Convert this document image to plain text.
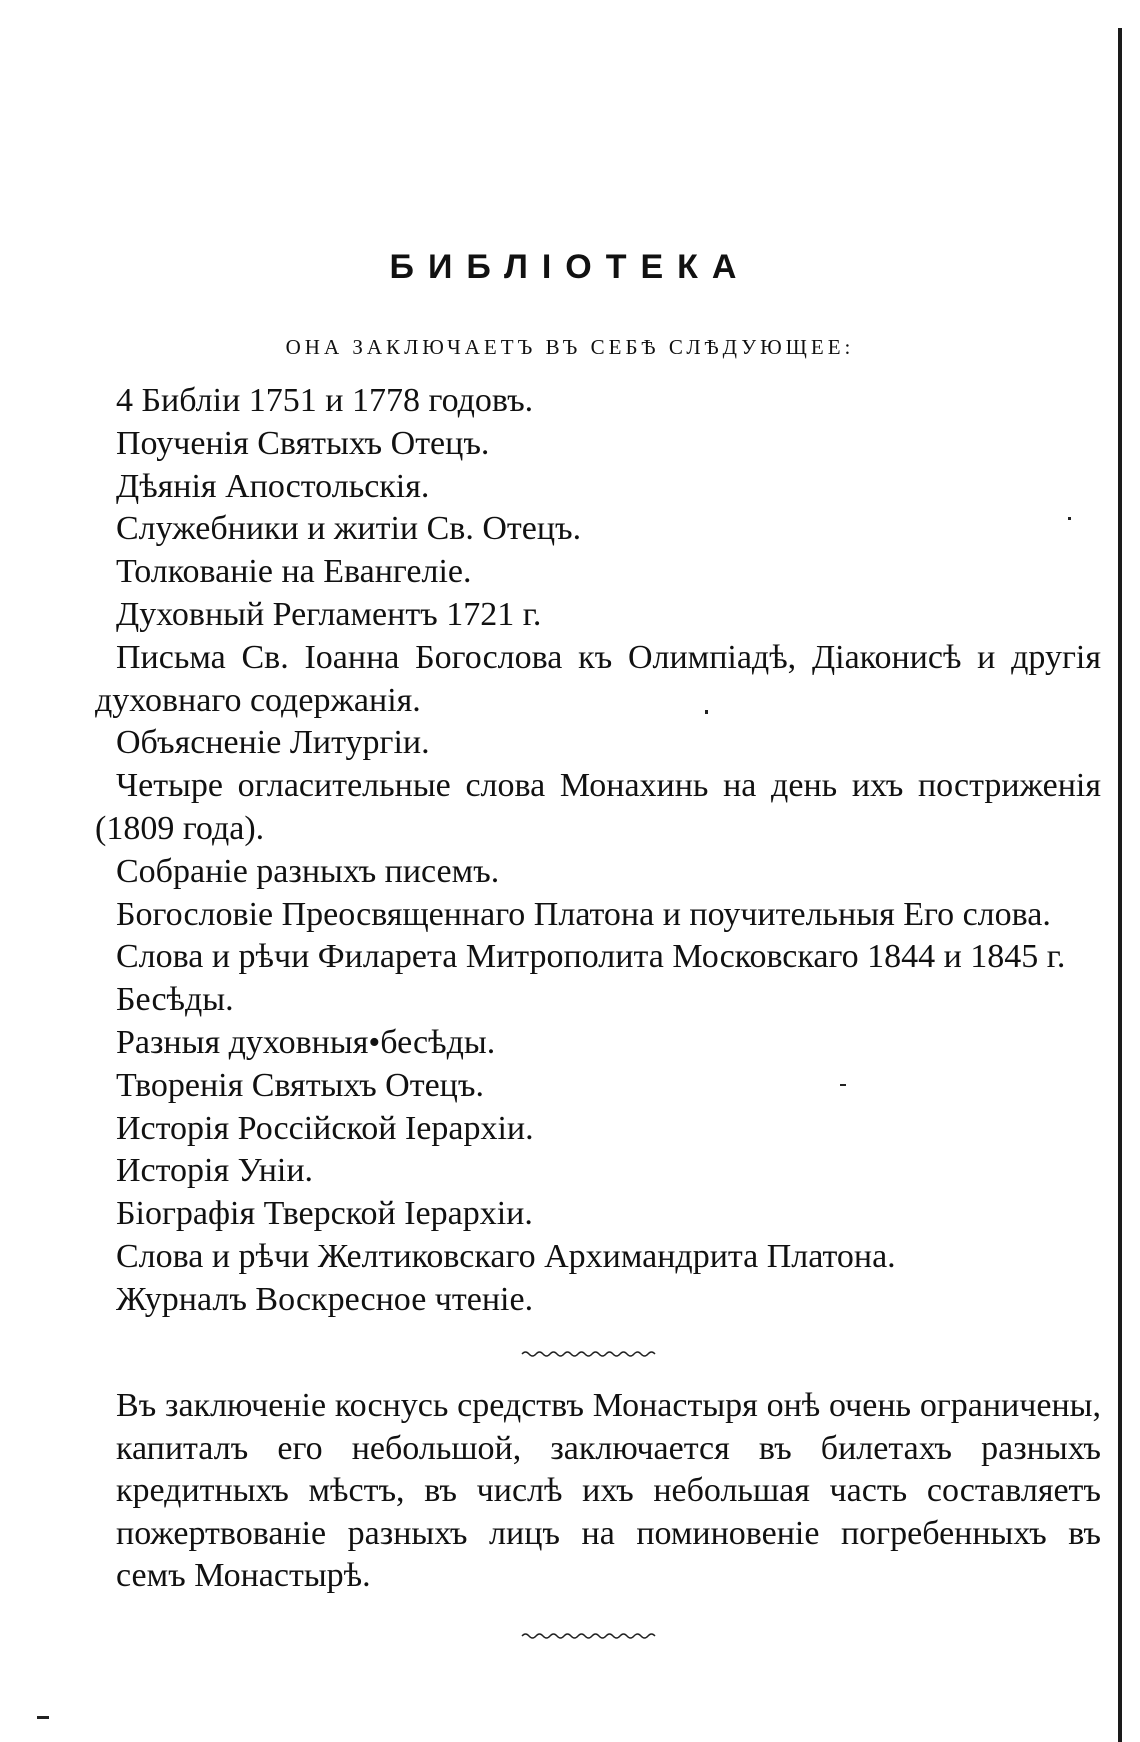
БИБЛIОТЕКА
ОНА ЗАКЛЮЧАЕТЪ ВЪ СЕБѢ СЛѢДУЮЩЕЕ:
4 Библiи 1751 и 1778 годовъ.
Поученiя Святыхъ Отецъ.
Дѣянiя Апостольскiя.
Служебники и житiи Св. Отецъ.
Толкованiе на Евангелiе.
Духовный Регламентъ 1721 г.
Письма Св. Iоанна Богослова къ Олимпiадѣ, Дiаконисѣ и другiя духовнаго содержанiя.
Объясненiе Литургiи.
Четыре огласительные слова Монахинь на день ихъ постриженiя (1809 года).
Собранiе разныхъ писемъ.
Богословiе Преосвященнаго Платона и поучительныя Его слова.
Слова и рѣчи Филарета Митрополита Московскаго 1844 и 1845 г.
Бесѣды.
Разныя духовныя•бесѣды.
Творенiя Святыхъ Отецъ.
Исторiя Россiйской Iерархiи.
Исторiя Унiи.
Бiографiя Тверской Iерархiи.
Слова и рѣчи Желтиковскаго Архимандрита Платона.
Журналъ Воскресное чтенiе.

Въ заключенiе коснусь средствъ Монастыря онѣ очень ограничены, капиталъ его небольшой, заключается въ билетахъ разныхъ кредитныхъ мѣстъ, въ числѣ ихъ небольшая часть составляетъ пожертвованiе разныхъ лицъ на поминовенiе погребенныхъ въ семъ Монастырѣ.
